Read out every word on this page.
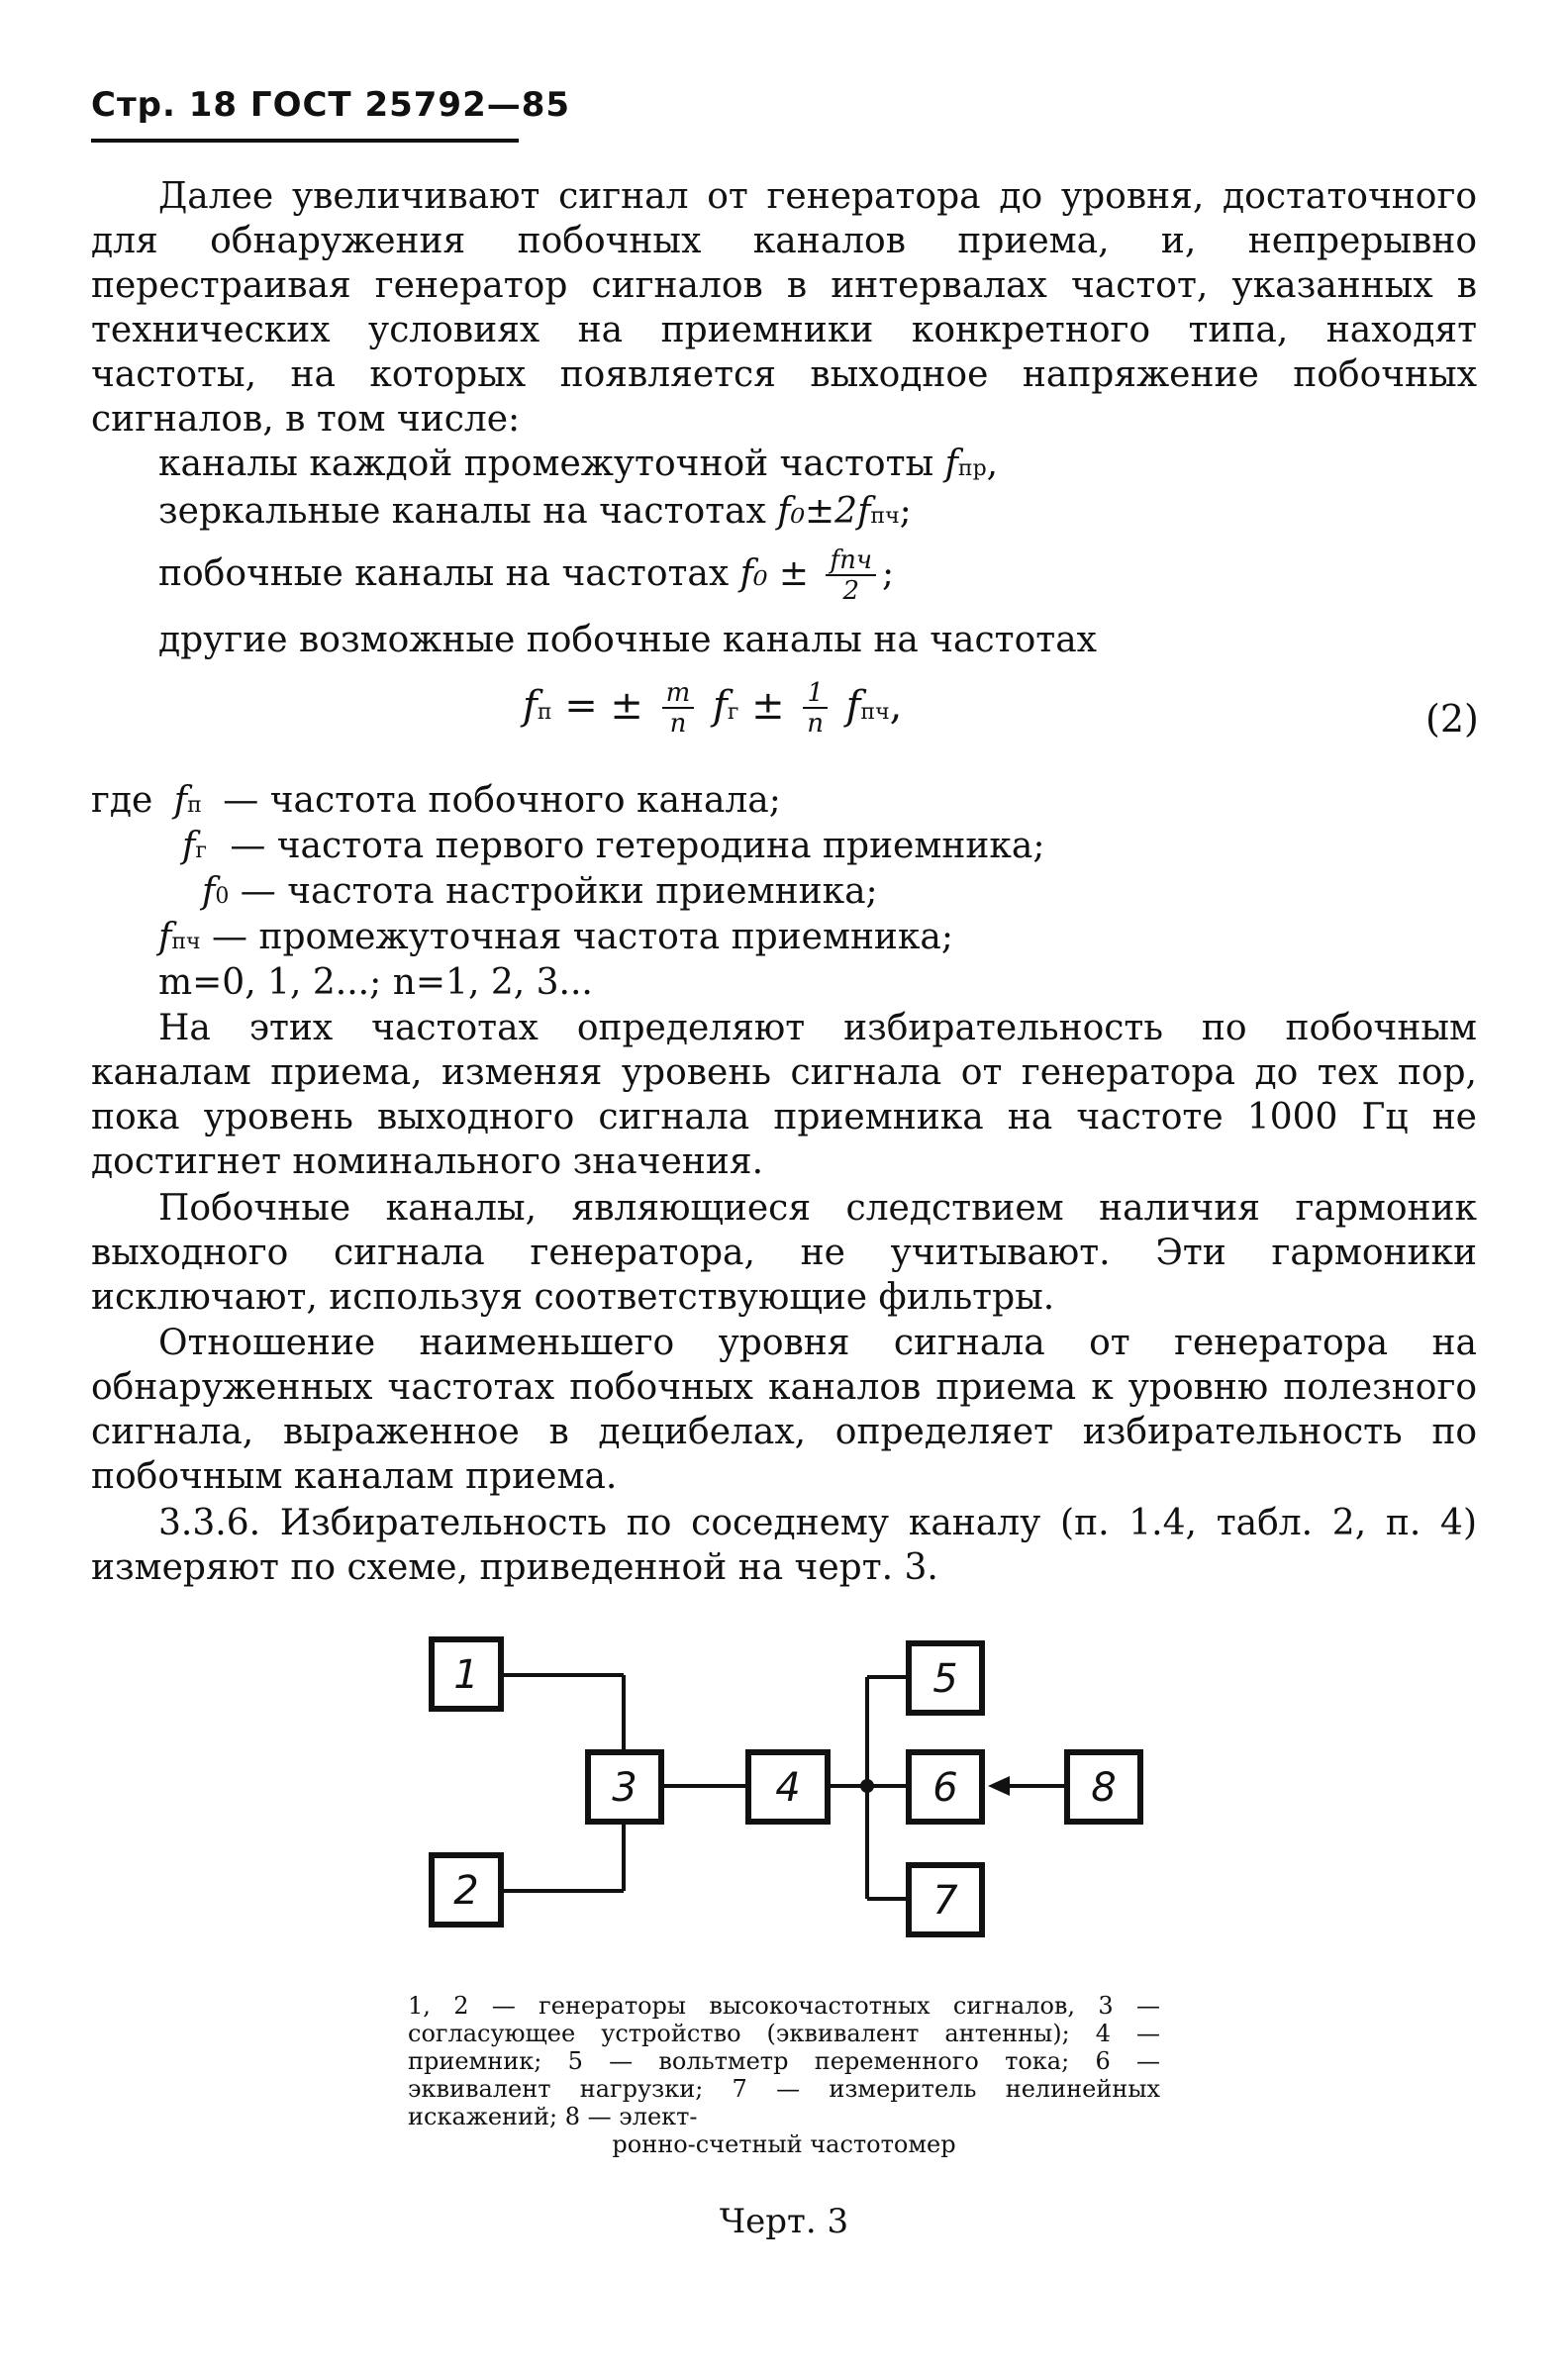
Стр. 18 ГОСТ 25792—85
Далее увеличивают сигнал от генератора до уровня, достаточного для обнаружения побочных каналов приема, и, непрерывно перестраивая генератор сигналов в интервалах частот, указанных в технических условиях на приемники конкретного типа, находят частоты, на которых появляется выходное напряжение побочных сигналов, в том числе:
каналы каждой промежуточной частоты fпр,
зеркальные каналы на частотах f₀±2fпч;
побочные каналы на частотах $f_0 \pm \frac{\text{fпч}}{2}$ ;
другие возможные побочные каналы на частотах
fп = ± $\frac{m}{n}$ fг ± $\frac{1}{n}$ fпч,	(2)
где fп — частота побочного канала;
fг — частота первого гетеродина приемника;
f0 — частота настройки приемника;
fпч — промежуточная частота приемника;
m=0, 1, 2...; n=1, 2, 3...
На этих частотах определяют избирательность по побочным каналам приема, изменяя уровень сигнала от генератора до тех пор, пока уровень выходного сигнала приемника на частоте 1000 Гц не достигнет номинального значения.
Побочные каналы, являющиеся следствием наличия гармоник выходного сигнала генератора, не учитывают. Эти гармоники исключают, используя соответствующие фильтры.
Отношение наименьшего уровня сигнала от генератора на обнаруженных частотах побочных каналов приема к уровню полезного сигнала, выраженное в децибелах, определяет избирательность по побочным каналам приема.
3.3.6. Избирательность по соседнему каналу (п. 1.4, табл. 2, п. 4) измеряют по схеме, приведенной на черт. 3.
1
2
3	4
5
6
7
8
1, 2 — генераторы высокочастотных сигналов, 3 — согласующее устройство (эквивалент антенны); 4 — приемник; 5 — вольтметр переменного тока; 6 — эквивалент нагрузки; 7 — измеритель нелинейных искажений; 8 — элект-
ронно-счетный частотомер
Черт. 3
